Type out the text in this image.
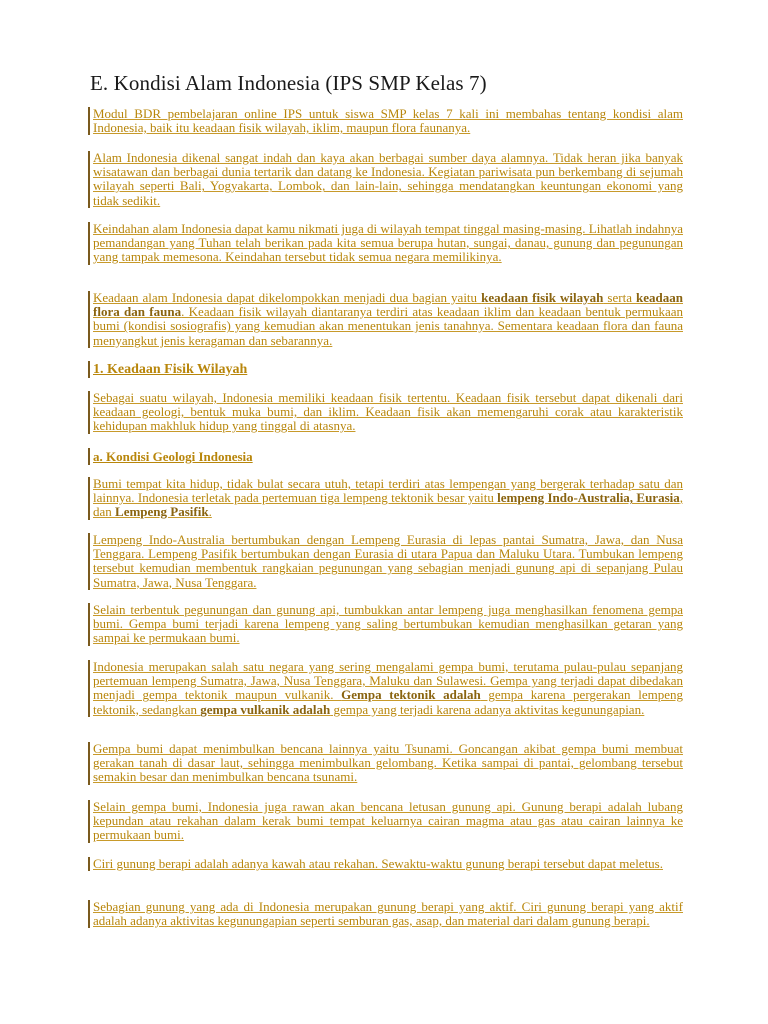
E. Kondisi Alam Indonesia (IPS SMP Kelas 7)

Modul BDR pembelajaran online IPS untuk siswa SMP kelas 7 kali ini membahas tentang kondisi alam Indonesia, baik itu keadaan fisik wilayah, iklim, maupun flora faunanya.

Alam Indonesia dikenal sangat indah dan kaya akan berbagai sumber daya alamnya. Tidak heran jika banyak wisatawan dan berbagai dunia tertarik dan datang ke Indonesia. Kegiatan pariwisata pun berkembang di sejumah wilayah seperti Bali, Yogyakarta, Lombok, dan lain-lain, sehingga mendatangkan keuntungan ekonomi yang tidak sedikit.

Keindahan alam Indonesia dapat kamu nikmati juga di wilayah tempat tinggal masing-masing. Lihatlah indahnya pemandangan yang Tuhan telah berikan pada kita semua berupa hutan, sungai, danau, gunung dan pegunungan yang tampak memesona. Keindahan tersebut tidak semua negara memilikinya.

Keadaan alam Indonesia dapat dikelompokkan menjadi dua bagian yaitu keadaan fisik wilayah serta keadaan flora dan fauna. Keadaan fisik wilayah diantaranya terdiri atas keadaan iklim dan keadaan bentuk permukaan bumi (kondisi sosiografis) yang kemudian akan menentukan jenis tanahnya. Sementara keadaan flora dan fauna menyangkut jenis keragaman dan sebarannya.

1. Keadaan Fisik Wilayah

Sebagai suatu wilayah, Indonesia memiliki keadaan fisik tertentu. Keadaan fisik tersebut dapat dikenali dari keadaan geologi, bentuk muka bumi, dan iklim. Keadaan fisik akan memengaruhi corak atau karakteristik kehidupan makhluk hidup yang tinggal di atasnya.

a. Kondisi Geologi Indonesia

Bumi tempat kita hidup, tidak bulat secara utuh, tetapi terdiri atas lempengan yang bergerak terhadap satu dan lainnya. Indonesia terletak pada pertemuan tiga lempeng tektonik besar yaitu lempeng Indo-Australia, Eurasia, dan Lempeng Pasifik.

Lempeng Indo-Australia bertumbukan dengan Lempeng Eurasia di lepas pantai Sumatra, Jawa, dan Nusa Tenggara. Lempeng Pasifik bertumbukan dengan Eurasia di utara Papua dan Maluku Utara. Tumbukan lempeng tersebut kemudian membentuk rangkaian pegunungan yang sebagian menjadi gunung api di sepanjang Pulau Sumatra, Jawa, Nusa Tenggara.

Selain terbentuk pegunungan dan gunung api, tumbukkan antar lempeng juga menghasilkan fenomena gempa bumi. Gempa bumi terjadi karena lempeng yang saling bertumbukan kemudian menghasilkan getaran yang sampai ke permukaan bumi.

Indonesia merupakan salah satu negara yang sering mengalami gempa bumi, terutama pulau-pulau sepanjang pertemuan lempeng Sumatra, Jawa, Nusa Tenggara, Maluku dan Sulawesi. Gempa yang terjadi dapat dibedakan menjadi gempa tektonik maupun vulkanik. Gempa tektonik adalah gempa karena pergerakan lempeng tektonik, sedangkan gempa vulkanik adalah gempa yang terjadi karena adanya aktivitas kegunungapian.

Gempa bumi dapat menimbulkan bencana lainnya yaitu Tsunami. Goncangan akibat gempa bumi membuat gerakan tanah di dasar laut, sehingga menimbulkan gelombang. Ketika sampai di pantai, gelombang tersebut semakin besar dan menimbulkan bencana tsunami.

Selain gempa bumi, Indonesia juga rawan akan bencana letusan gunung api. Gunung berapi adalah lubang kepundan atau rekahan dalam kerak bumi tempat keluarnya cairan magma atau gas atau cairan lainnya ke permukaan bumi.

Ciri gunung berapi adalah adanya kawah atau rekahan. Sewaktu-waktu gunung berapi tersebut dapat meletus.

Sebagian gunung yang ada di Indonesia merupakan gunung berapi yang aktif. Ciri gunung berapi yang aktif adalah adanya aktivitas kegunungapian seperti semburan gas, asap, dan material dari dalam gunung berapi.
